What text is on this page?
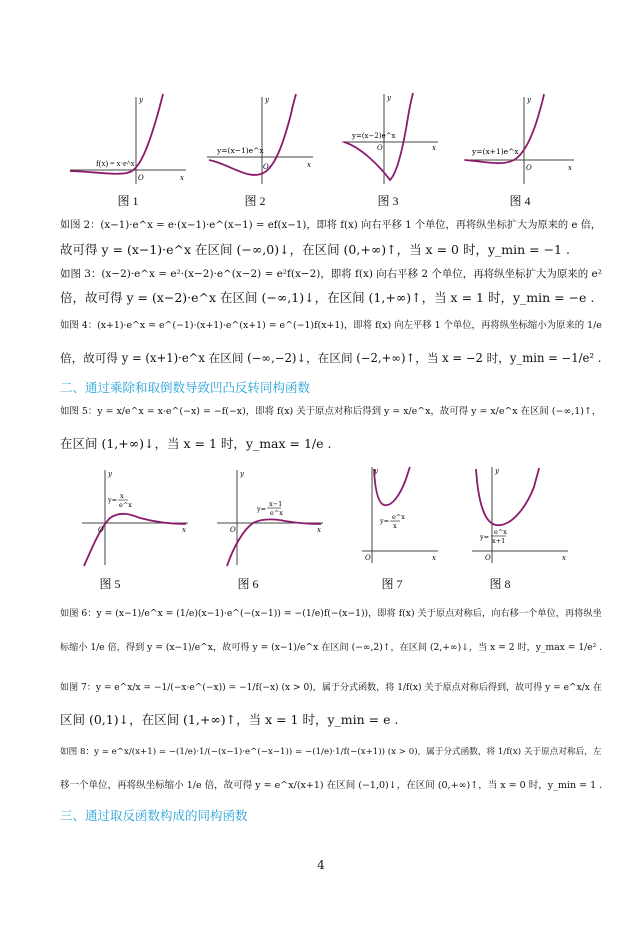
f(x) = x·e^x
y
x
O
图 1
y=(x−1)e^x
y
x
O
图 2
y=(x−2)e^x
y
x
O
图 3
y=(x+1)e^x
y
x
O
图 4
如图 2：(x−1)·e^x = e·(x−1)·e^(x−1) = ef(x−1)，即将 f(x) 向右平移 1 个单位，再将纵坐标扩大为原来的 e 倍，
故可得 y = (x−1)·e^x 在区间 (−∞,0)↓，在区间 (0,+∞)↑，当 x = 0 时，y_min = −1 .
如图 3：(x−2)·e^x = e²·(x−2)·e^(x−2) = e²f(x−2)，即将 f(x) 向右平移 2 个单位，再将纵坐标扩大为原来的 e²
倍，故可得 y = (x−2)·e^x 在区间 (−∞,1)↓，在区间 (1,+∞)↑，当 x = 1 时，y_min = −e .
如图 4：(x+1)·e^x = e^(−1)·(x+1)·e^(x+1) = e^(−1)f(x+1)，即将 f(x) 向左平移 1 个单位，再将纵坐标缩小为原来的 1/e
倍，故可得 y = (x+1)·e^x 在区间 (−∞,−2)↓，在区间 (−2,+∞)↑，当 x = −2 时，y_min = −1/e² .
二、通过乘除和取倒数导致凹凸反转同构函数
如图 5：y = x/e^x = x·e^(−x) = −f(−x)，即将 f(x) 关于原点对称后得到 y = x/e^x，故可得 y = x/e^x 在区间 (−∞,1)↑，
在区间 (1,+∞)↓，当 x = 1 时，y_max = 1/e .
y= x
e^x
y
x
O
图 5
y=
x−1
e^x
y
x
O
图 6
y= e^x
x
y
x
O
图 7
y=
e^x
x+1
y
x
O
图 8
如图 6：y = (x−1)/e^x = (1/e)(x−1)·e^(−(x−1)) = −(1/e)f(−(x−1))，即将 f(x) 关于原点对称后，向右移一个单位，再将纵坐
标缩小 1/e 倍，得到 y = (x−1)/e^x，故可得 y = (x−1)/e^x 在区间 (−∞,2)↑，在区间 (2,+∞)↓，当 x = 2 时，y_max = 1/e² .
如图 7：y = e^x/x = −1/(−x·e^(−x)) = −1/f(−x) (x > 0)，属于分式函数，将 1/f(x) 关于原点对称后得到，故可得 y = e^x/x 在
区间 (0,1)↓，在区间 (1,+∞)↑，当 x = 1 时，y_min = e .
如图 8：y = e^x/(x+1) = −(1/e)·1/(−(x−1)·e^(−x−1)) = −(1/e)·1/f(−(x+1)) (x > 0)，属于分式函数，将 1/f(x) 关于原点对称后，左
移一个单位，再将纵坐标缩小 1/e 倍，故可得 y = e^x/(x+1) 在区间 (−1,0)↓，在区间 (0,+∞)↑，当 x = 0 时，y_min = 1 .
三、通过取反函数构成的同构函数
4
